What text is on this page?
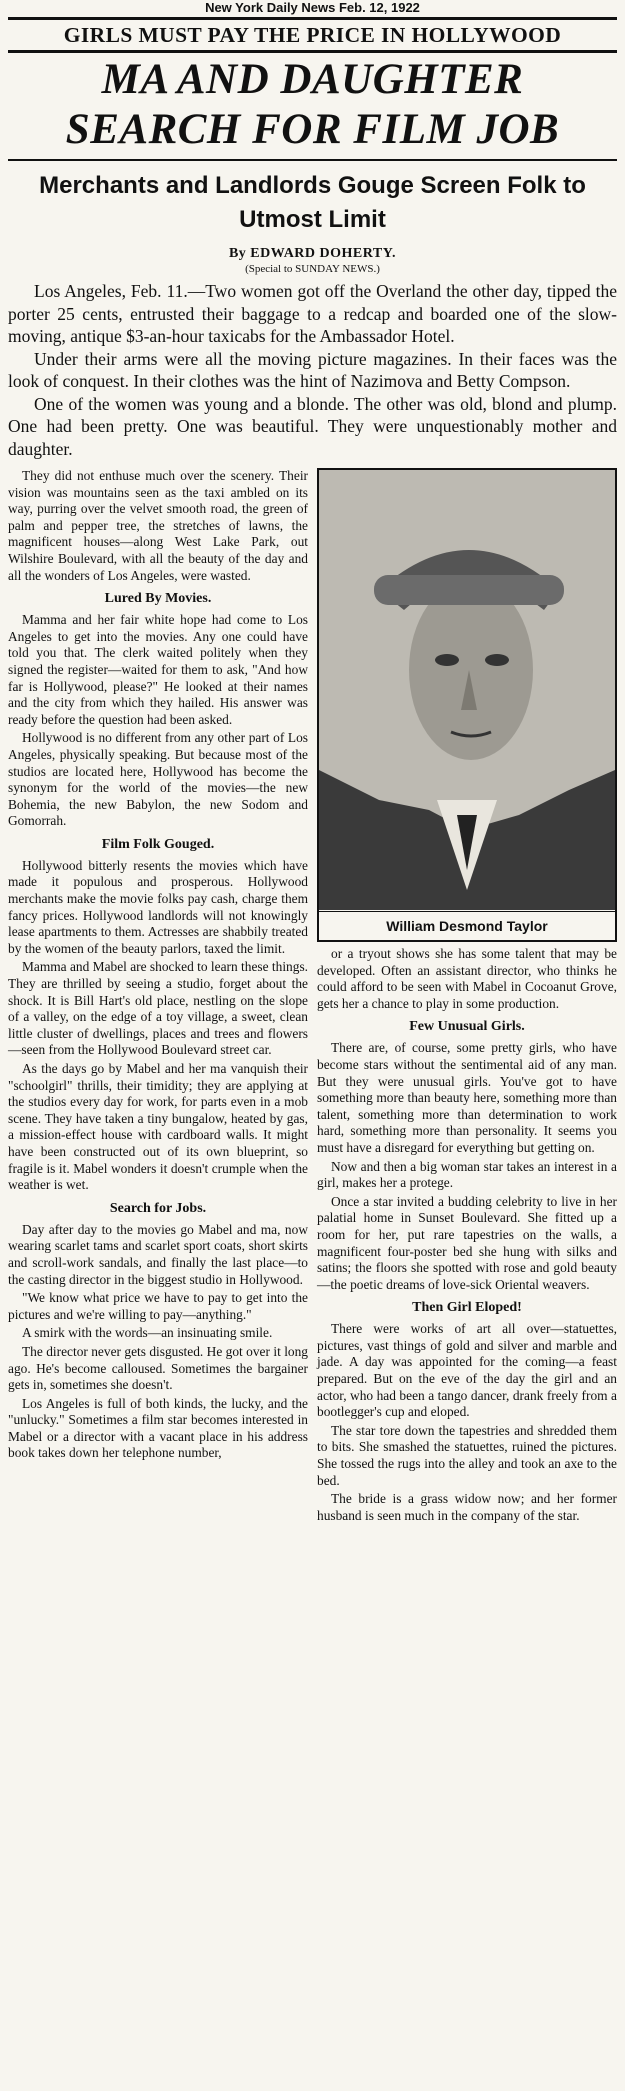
New York Daily News Feb. 12, 1922
GIRLS MUST PAY THE PRICE IN HOLLYWOOD
MA AND DAUGHTER
SEARCH FOR FILM JOB
Merchants and Landlords Gouge Screen Folk to Utmost Limit
By EDWARD DOHERTY.
(Special to SUNDAY NEWS.)

Los Angeles, Feb. 11.—Two women got off the Overland the other day, tipped the porter 25 cents, entrusted their baggage to a redcap and boarded one of the slow-moving, antique $3-an-hour taxicabs for the Ambassador Hotel.

Under their arms were all the moving picture magazines. In their faces was the look of conquest. In their clothes was the hint of Nazimova and Betty Compson.

One of the women was young and a blonde. The other was old, blond and plump. One had been pretty. One was beautiful. They were unquestionably mother and daughter.

They did not enthuse much over the scenery. Their vision was mountains seen as the taxi ambled on its way, purring over the velvet smooth road, the green of palm and pepper tree, the stretches of lawns, the magnificent houses—along West Lake Park, out Wilshire Boulevard, with all the beauty of the day and all the wonders of Los Angeles, were wasted.

Lured By Movies.

Mamma and her fair white hope had come to Los Angeles to get into the movies. Any one could have told you that. The clerk waited politely when they signed the register—waited for them to ask, "And how far is Hollywood, please?" He looked at their names and the city from which they hailed. His answer was ready before the question had been asked.

Hollywood is no different from any other part of Los Angeles, physically speaking. But because most of the studios are located here, Hollywood has become the synonym for the world of the movies—the new Bohemia, the new Babylon, the new Sodom and Gomorrah.

Film Folk Gouged.

Hollywood bitterly resents the movies which have made it populous and prosperous. Hollywood merchants make the movie folks pay cash, charge them fancy prices. Hollywood landlords will not knowingly lease apartments to them. Actresses are shabbily treated by the women of the beauty parlors, taxed the limit.

Mamma and Mabel are shocked to learn these things. They are thrilled by seeing a studio, forget about the shock. It is Bill Hart's old place, nestling on the slope of a valley, on the edge of a toy village, a sweet, clean little cluster of dwellings, places and trees and flowers—seen from the Hollywood Boulevard street car.

As the days go by Mabel and her ma vanquish their "schoolgirl" thrills, their timidity; they are applying at the studios every day for work, for parts even in a mob scene. They have taken a tiny bungalow, heated by gas, a mission-effect house with cardboard walls. It might have been constructed out of its own blueprint, so fragile is it. Mabel wonders it doesn't crumple when the weather is wet.

Search for Jobs.

Day after day to the movies go Mabel and ma, now wearing scarlet tams and scarlet sport coats, short skirts and scroll-work sandals, and finally the last place—to the casting director in the biggest studio in Hollywood.

"We know what price we have to pay to get into the pictures and we're willing to pay—anything."

A smirk with the words—an insinuating smile.

The director never gets disgusted. He got over it long ago. He's become calloused. Sometimes the bargainer gets in, sometimes she doesn't.

Los Angeles is full of both kinds, the lucky, and the "unlucky." Sometimes a film star becomes interested in Mabel or a director with a vacant place in his address book takes down her telephone number,

William Desmond Taylor

or a tryout shows she has some talent that may be developed. Often an assistant director, who thinks he could afford to be seen with Mabel in Cocoanut Grove, gets her a chance to play in some production.

Few Unusual Girls.

There are, of course, some pretty girls, who have become stars without the sentimental aid of any man. But they were unusual girls. You've got to have something more than beauty here, something more than talent, something more than determination to work hard, something more than personality. It seems you must have a disregard for everything but getting on.

Now and then a big woman star takes an interest in a girl, makes her a protege.

Once a star invited a budding celebrity to live in her palatial home in Sunset Boulevard. She fitted up a room for her, put rare tapestries on the walls, a magnificent four-poster bed she hung with silks and satins; the floors she spotted with rose and gold beauty—the poetic dreams of love-sick Oriental weavers.

Then Girl Eloped!

There were works of art all over—statuettes, pictures, vast things of gold and silver and marble and jade. A day was appointed for the coming—a feast prepared. But on the eve of the day the girl and an actor, who had been a tango dancer, drank freely from a bootlegger's cup and eloped.

The star tore down the tapestries and shredded them to bits. She smashed the statuettes, ruined the pictures. She tossed the rugs into the alley and took an axe to the bed.

The bride is a grass widow now; and her former husband is seen much in the company of the star.
